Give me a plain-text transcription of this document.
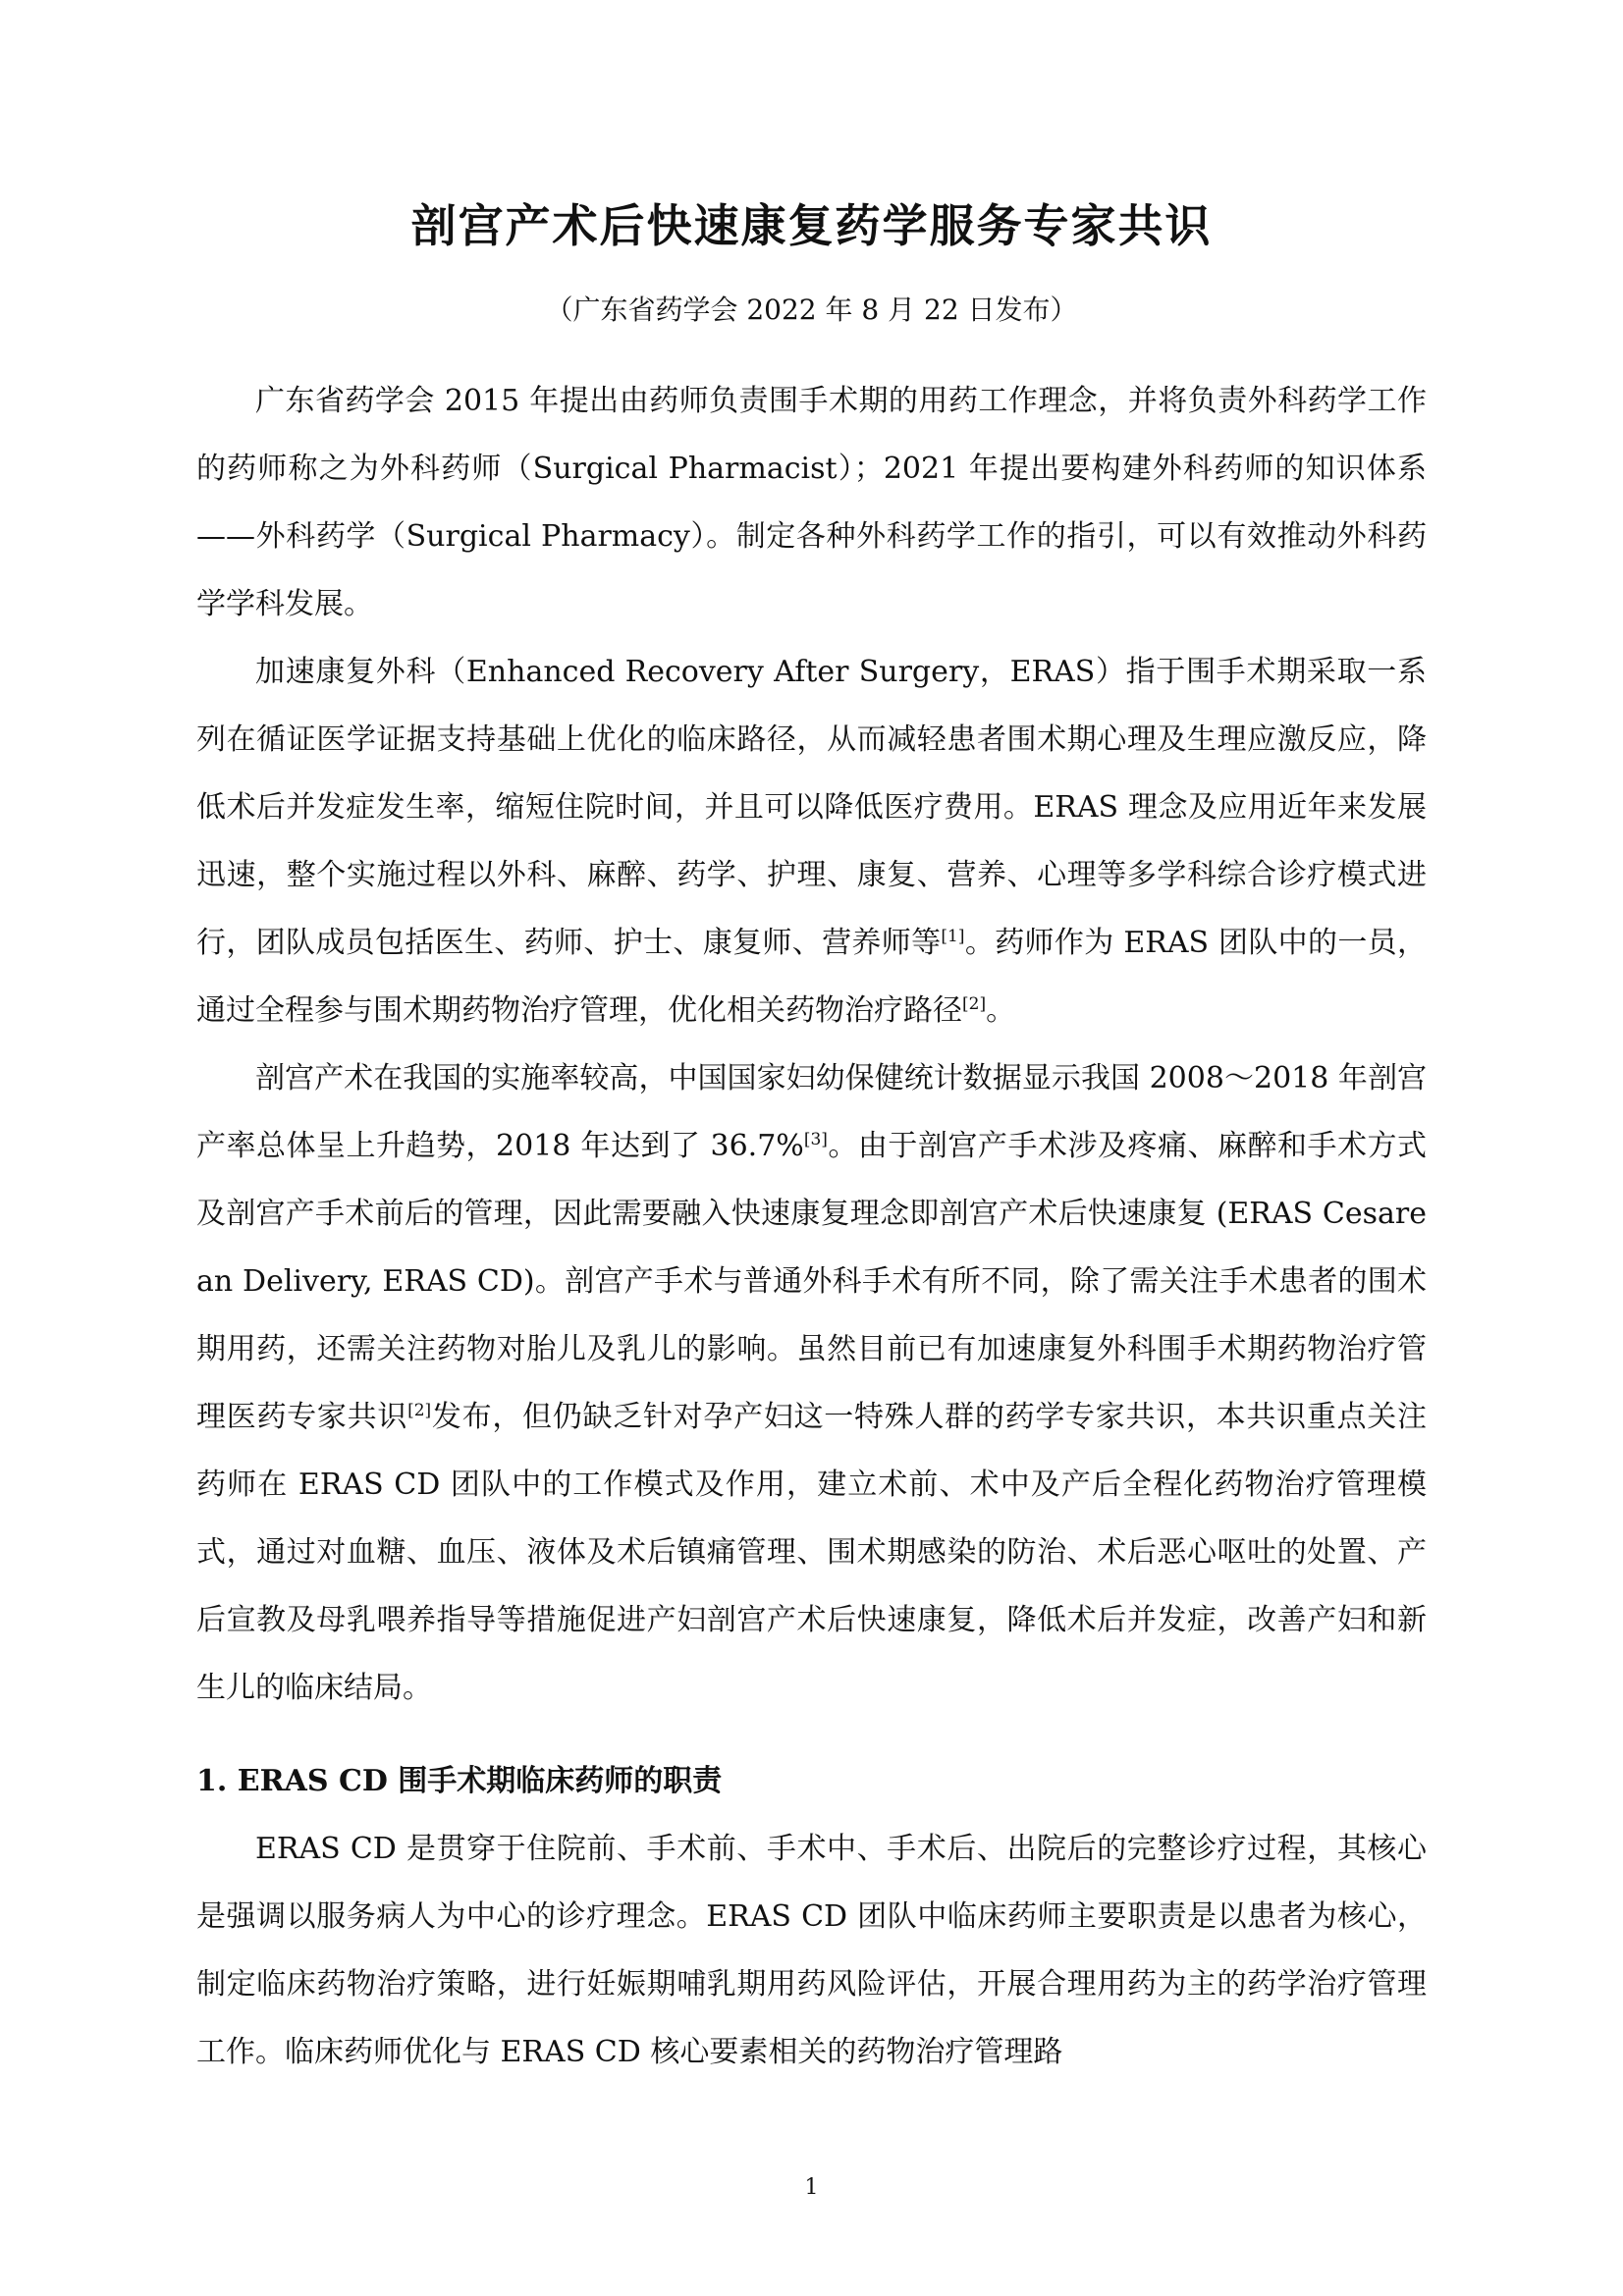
剖宫产术后快速康复药学服务专家共识

（广东省药学会 2022 年 8 月 22 日发布）

广东省药学会 2015 年提出由药师负责围手术期的用药工作理念，并将负责外科药学工作的药师称之为外科药师（Surgical Pharmacist）；2021 年提出要构建外科药师的知识体系——外科药学（Surgical Pharmacy）。制定各种外科药学工作的指引，可以有效推动外科药学学科发展。

加速康复外科（Enhanced Recovery After Surgery，ERAS）指于围手术期采取一系列在循证医学证据支持基础上优化的临床路径，从而减轻患者围术期心理及生理应激反应，降低术后并发症发生率，缩短住院时间，并且可以降低医疗费用。ERAS 理念及应用近年来发展迅速，整个实施过程以外科、麻醉、药学、护理、康复、营养、心理等多学科综合诊疗模式进行，团队成员包括医生、药师、护士、康复师、营养师等[1]。药师作为 ERAS 团队中的一员，通过全程参与围术期药物治疗管理，优化相关药物治疗路径[2]。

剖宫产术在我国的实施率较高，中国国家妇幼保健统计数据显示我国 2008～2018 年剖宫产率总体呈上升趋势，2018 年达到了 36.7%[3]。由于剖宫产手术涉及疼痛、麻醉和手术方式及剖宫产手术前后的管理，因此需要融入快速康复理念即剖宫产术后快速康复 (ERAS Cesarean Delivery, ERAS CD)。剖宫产手术与普通外科手术有所不同，除了需关注手术患者的围术期用药，还需关注药物对胎儿及乳儿的影响。虽然目前已有加速康复外科围手术期药物治疗管理医药专家共识[2]发布，但仍缺乏针对孕产妇这一特殊人群的药学专家共识，本共识重点关注药师在 ERAS CD 团队中的工作模式及作用，建立术前、术中及产后全程化药物治疗管理模式，通过对血糖、血压、液体及术后镇痛管理、围术期感染的防治、术后恶心呕吐的处置、产后宣教及母乳喂养指导等措施促进产妇剖宫产术后快速康复，降低术后并发症，改善产妇和新生儿的临床结局。

1. ERAS CD 围手术期临床药师的职责

ERAS CD 是贯穿于住院前、手术前、手术中、手术后、出院后的完整诊疗过程，其核心是强调以服务病人为中心的诊疗理念。ERAS CD 团队中临床药师主要职责是以患者为核心，制定临床药物治疗策略，进行妊娠期哺乳期用药风险评估，开展合理用药为主的药学治疗管理工作。临床药师优化与 ERAS CD 核心要素相关的药物治疗管理路

1
